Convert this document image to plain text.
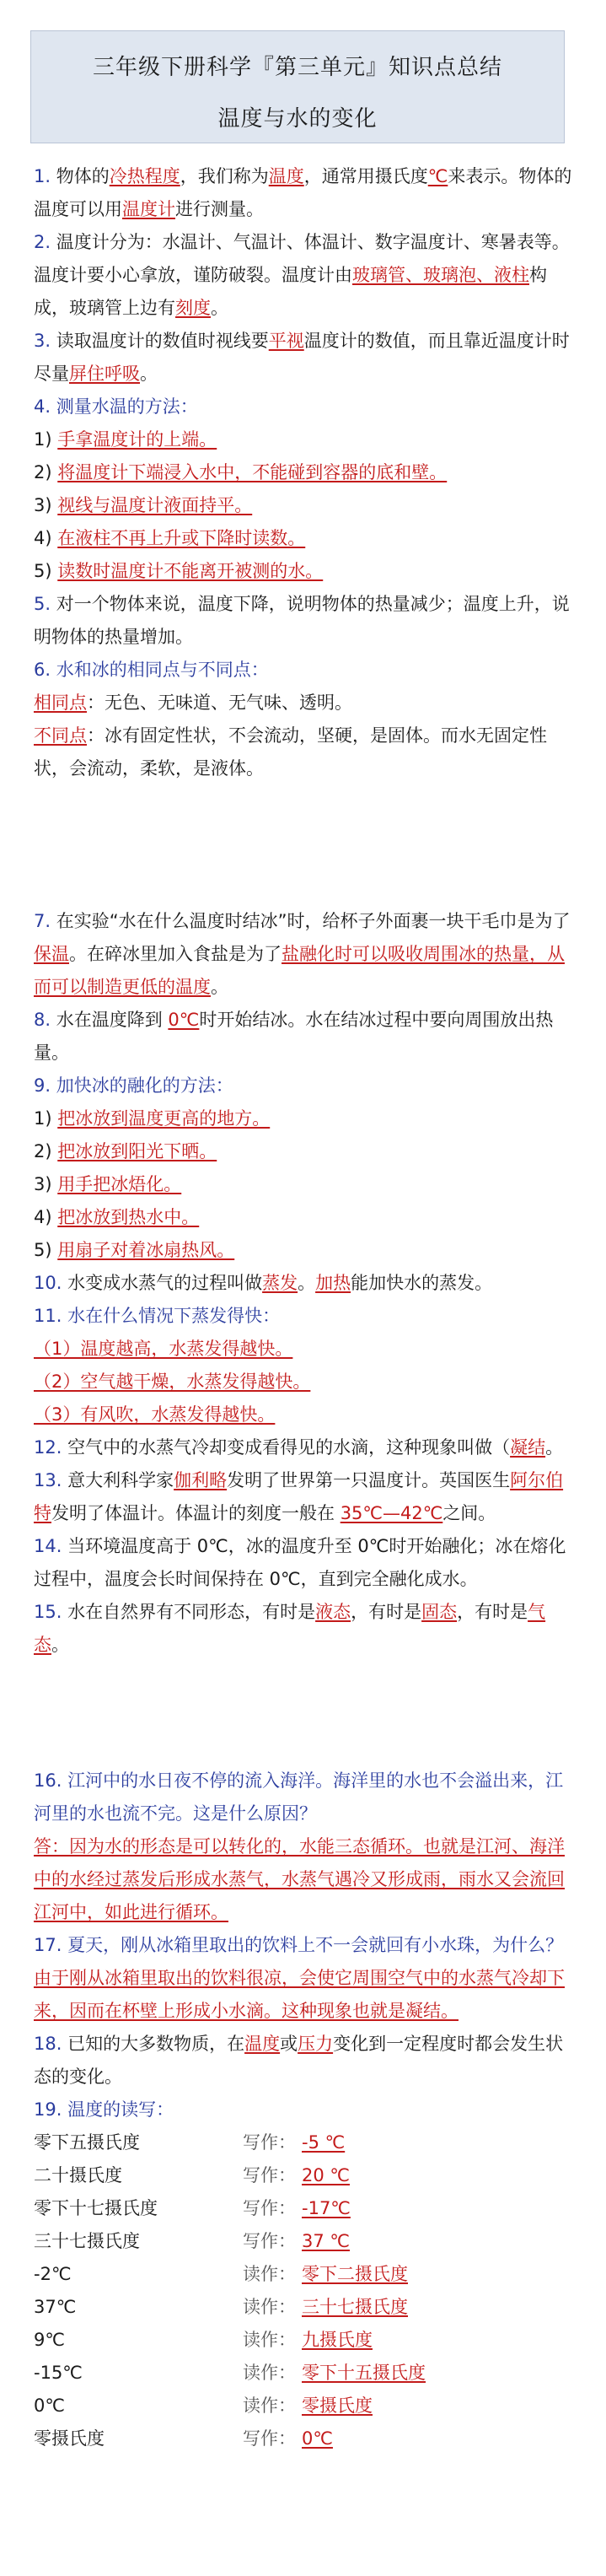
三年级下册科学『第三单元』知识点总结
温度与水的变化

1. 物体的冷热程度，我们称为温度，通常用摄氏度℃来表示。物体的温度可以用温度计进行测量。

2. 温度计分为：水温计、气温计、体温计、数字温度计、寒暑表等。温度计要小心拿放，谨防破裂。温度计由玻璃管、玻璃泡、液柱构成，玻璃管上边有刻度。

3. 读取温度计的数值时视线要平视温度计的数值，而且靠近温度计时尽量屏住呼吸。

4. 测量水温的方法：

1) 手拿温度计的上端。

2) 将温度计下端浸入水中，不能碰到容器的底和壁。

3) 视线与温度计液面持平。

4) 在液柱不再上升或下降时读数。

5) 读数时温度计不能离开被测的水。

5. 对一个物体来说，温度下降，说明物体的热量减少；温度上升，说明物体的热量增加。

6. 水和冰的相同点与不同点：

相同点：无色、无味道、无气味、透明。

不同点：冰有固定性状，不会流动，坚硬，是固体。而水无固定性状，会流动，柔软，是液体。

7. 在实验“水在什么温度时结冰”时，给杯子外面裹一块干毛巾是为了保温。在碎冰里加入食盐是为了盐融化时可以吸收周围冰的热量，从而可以制造更低的温度。

8. 水在温度降到 0℃时开始结冰。水在结冰过程中要向周围放出热量。

9. 加快冰的融化的方法：

1) 把冰放到温度更高的地方。

2) 把冰放到阳光下晒。

3) 用手把冰焐化。

4) 把冰放到热水中。

5) 用扇子对着冰扇热风。

10. 水变成水蒸气的过程叫做蒸发。加热能加快水的蒸发。

11. 水在什么情况下蒸发得快：

（1）温度越高，水蒸发得越快。

（2）空气越干燥，水蒸发得越快。

（3）有风吹，水蒸发得越快。

12. 空气中的水蒸气冷却变成看得见的水滴，这种现象叫做（凝结。

13. 意大利科学家伽利略发明了世界第一只温度计。英国医生阿尔伯特发明了体温计。体温计的刻度一般在 35℃—42℃之间。

14. 当环境温度高于 0℃，冰的温度升至 0℃时开始融化；冰在熔化过程中，温度会长时间保持在 0℃，直到完全融化成水。

15. 水在自然界有不同形态，有时是液态，有时是固态，有时是气态。

16. 江河中的水日夜不停的流入海洋。海洋里的水也不会溢出来，江河里的水也流不完。这是什么原因？

答：因为水的形态是可以转化的，水能三态循环。也就是江河、海洋中的水经过蒸发后形成水蒸气，水蒸气遇冷又形成雨，雨水又会流回江河中，如此进行循环。

17. 夏天，刚从冰箱里取出的饮料上不一会就回有小水珠，为什么？

由于刚从冰箱里取出的饮料很凉，会使它周围空气中的水蒸气冷却下来，因而在杯壁上形成小水滴。这种现象也就是凝结。

18. 已知的大多数物质，在温度或压力变化到一定程度时都会发生状态的变化。

19. 温度的读写：

零下五摄氏度	写作： -5 ℃
二十摄氏度	写作： 20 ℃
零下十七摄氏度	写作： -17℃
三十七摄氏度	写作： 37 ℃
-2℃	读作： 零下二摄氏度
37℃	读作： 三十七摄氏度
9℃	读作： 九摄氏度
-15℃	读作： 零下十五摄氏度
0℃	读作： 零摄氏度
零摄氏度	写作： 0℃
